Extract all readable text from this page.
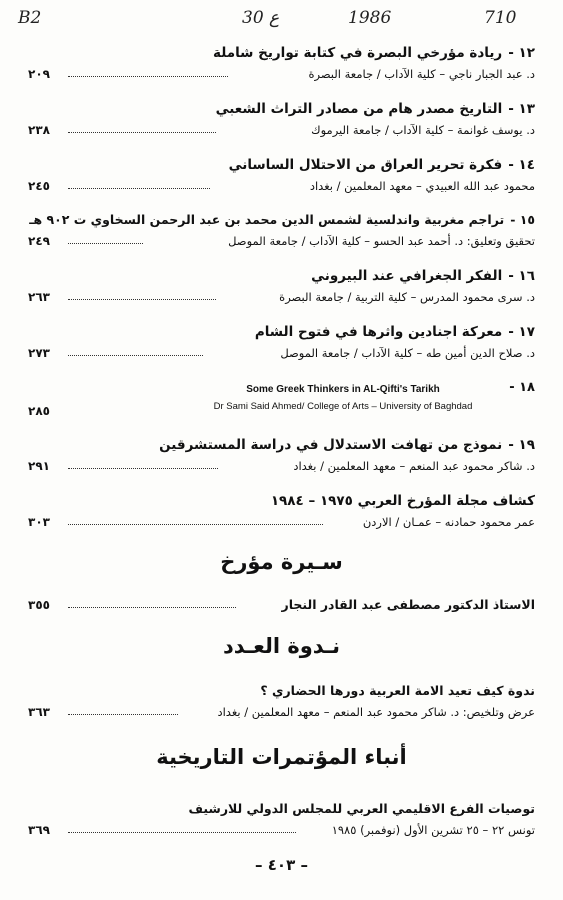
B2	30 ع	1986	710
١٢ -ريادة مؤرخي البصرة في كتابة تواريخ شاملة
د. عبد الجبار ناجي – كلية الآداب / جامعة البصرة
٢٠٩
١٣ -التاريخ مصدر هام من مصادر التراث الشعبي
د. يوسف غوانمة – كلية الآداب / جامعة اليرموك
٢٣٨
١٤ -فكرة تحرير العراق من الاحتلال الساساني
محمود عبد الله العبيدي – معهد المعلمين / بغداد
٢٤٥
١٥ -تراجم مغربية واندلسية لشمس الدين محمد بن عبد الرحمن السخاوي ت ٩٠٢ هـ
تحقيق وتعليق: د. أحمد عبد الحسو – كلية الآداب / جامعة الموصل
٢٤٩
١٦ -الفكر الجغرافي عند البيروني
د. سرى محمود المدرس – كلية التربية / جامعة البصرة
٢٦٣
١٧ -معركة اجنادين واثرها في فتوح الشام
د. صلاح الدين أمين طه – كلية الآداب / جامعة الموصل
٢٧٣
١٨ -
Some Greek Thinkers in AL-Qifti's Tarikh
Dr Sami Said Ahmed/ College of Arts – University of Baghdad
٢٨٥
١٩ -نموذج من تهافت الاستدلال في دراسة المستشرقين
د. شاكر محمود عبد المنعم – معهد المعلمين / بغداد
٢٩١
كشاف مجلة المؤرخ العربي ١٩٧٥ – ١٩٨٤
عمر محمود حمادنه – عمـان / الاردن
٣٠٣
سـيرة مؤرخ
الاستاذ الدكتور مصطفى عبد القادر النجار
٣٥٥
نـدوة العـدد
ندوة كيف تعيد الامة العربية دورها الحضاري ؟
عرض وتلخيص: د. شاكر محمود عبد المنعم – معهد المعلمين / بغداد
٣٦٣
أنباء المؤتمرات التاريخية
توصيات الفرع الاقليمي العربي للمجلس الدولي للارشيف
تونس ٢٢ – ٢٥ تشرين الأول (نوفمبر) ١٩٨٥
٣٦٩
– ٤٠٣ –
